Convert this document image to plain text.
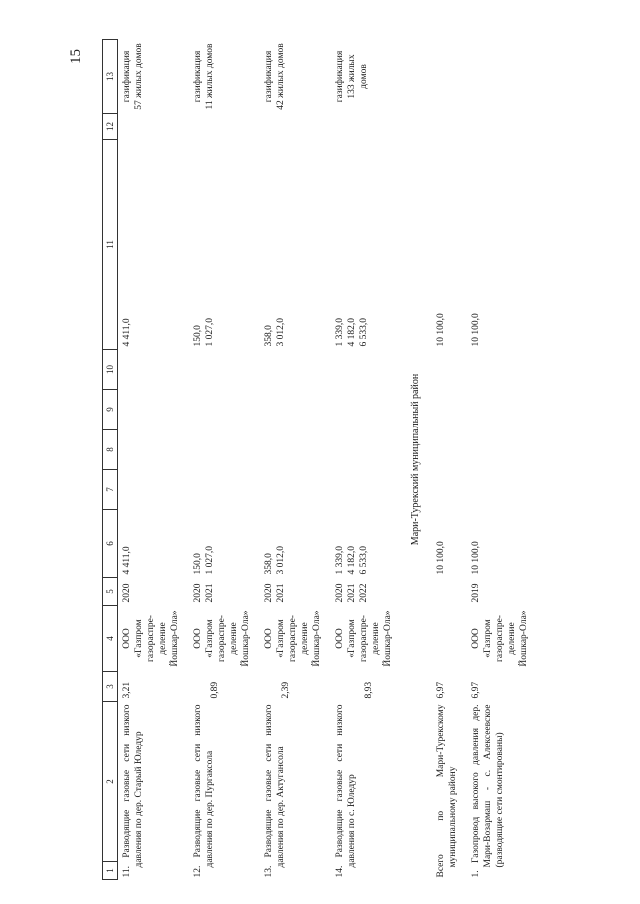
15
1	2	3	4	5	6	7	8	9	10	11	12	13
11. Разводящие газовые сети низкого давления по дер. Старый Юледур		3,21	ООО «Газпром газораспре- деление Йошкар-Ола»	2020	4 411,0					4 411,0		газификация 57 жилых домов

12. Разводящие газовые сети низкого давления по дер. Пургаксола		0,89	ООО «Газпром газораспре- деление Йошкар-Ола»	2020 2021	150,0 1 027,0					150,0 1 027,0		газификация 11 жилых домов

13. Разводящие газовые сети низкого давления по дер. Актугансола		2,39	ООО «Газпром газораспре- деление Йошкар-Ола»	2020 2021	358,0 3 012,0					358,0 3 012,0		газификация 42 жилых домов

14. Разводящие газовые сети низкого давления по с. Юледур		8,93	ООО «Газпром газораспре- деление Йошкар-Ола»	2020 2021 2022	1 339,0 4 182,0 6 533,0					1 339,0 4 182,0 6 533,0		газификация 133 жилых домов

Мари-Турекский муниципальный район												
Всего по Мари-Турекскому муниципальному району		6,97			10 100,0					10 100,0		
1. Газопровод высокого давления дер. Мари-Возармаш - с. Алексеевское (разводящие сети смонтированы)		6,97	ООО «Газпром газораспре- деление Йошкар-Ола»	2019	10 100,0					10 100,0		
